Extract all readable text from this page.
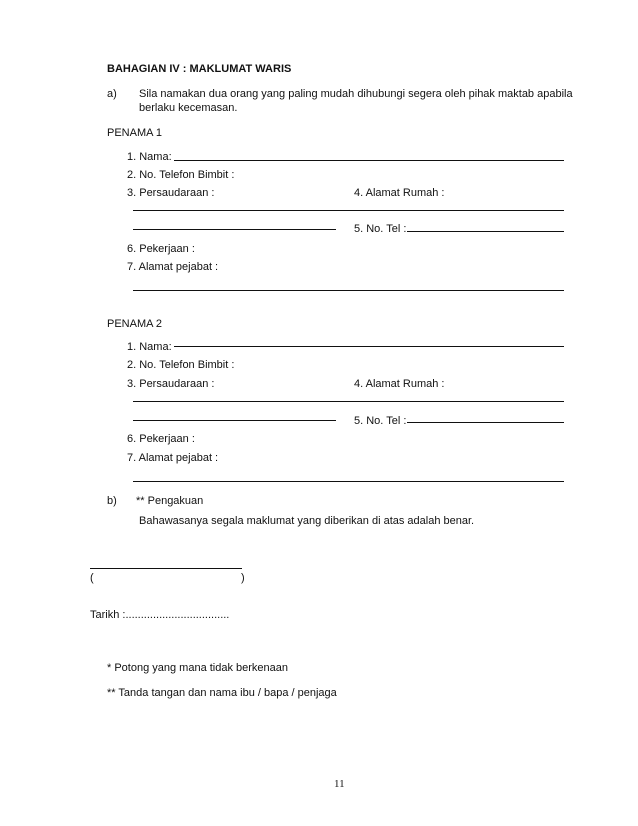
BAHAGIAN IV : MAKLUMAT WARIS
a) Sila namakan dua orang yang paling mudah dihubungi segera oleh pihak maktab apabila
berlaku kecemasan.
PENAMA 1
1. Nama:
2. No. Telefon Bimbit :
3. Persaudaraan :	4. Alamat Rumah :
5. No. Tel :
6. Pekerjaan :
7. Alamat pejabat :
PENAMA 2
1. Nama:
2. No. Telefon Bimbit :
3. Persaudaraan :	4. Alamat Rumah :
5. No. Tel :
6. Pekerjaan :
7. Alamat pejabat :
b) ** Pengakuan
Bahawasanya segala maklumat yang diberikan di atas adalah benar.
(	)
Tarikh :..................................
* Potong yang mana tidak berkenaan
** Tanda tangan dan nama ibu / bapa / penjaga
11
